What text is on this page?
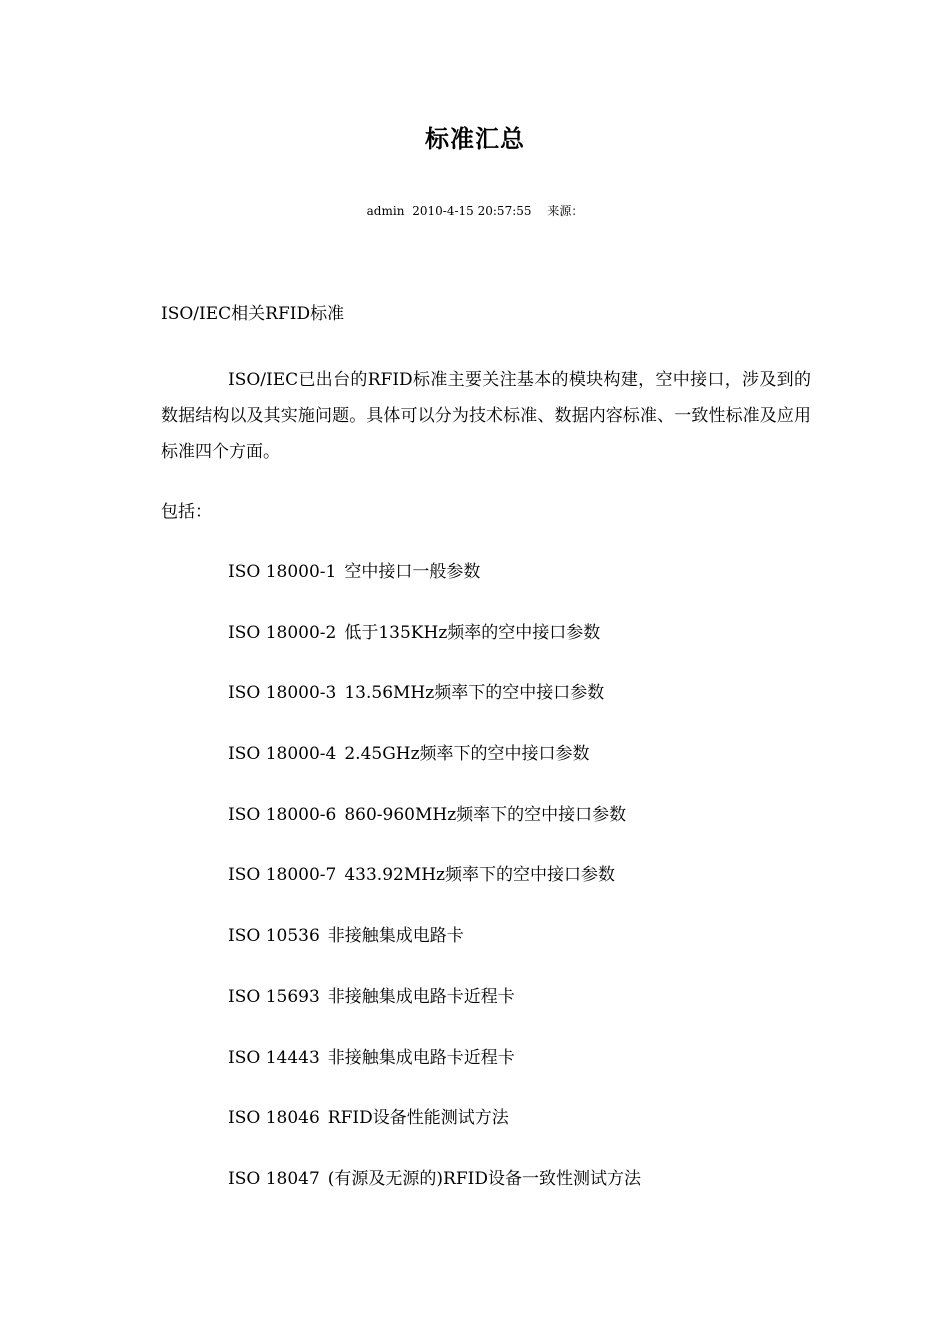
标准汇总
admin 2010-4-15 20:57:55 来源：
ISO/IEC相关RFID标准

ISO/IEC已出台的RFID标准主要关注基本的模块构建，空中接口，涉及到的数据结构以及其实施问题。具体可以分为技术标准、数据内容标准、一致性标准及应用标准四个方面。

包括：
ISO 18000-1 空中接口一般参数
ISO 18000-2 低于135KHz频率的空中接口参数
ISO 18000-3 13.56MHz频率下的空中接口参数
ISO 18000-4 2.45GHz频率下的空中接口参数
ISO 18000-6 860-960MHz频率下的空中接口参数
ISO 18000-7 433.92MHz频率下的空中接口参数
ISO 10536 非接触集成电路卡
ISO 15693 非接触集成电路卡近程卡
ISO 14443 非接触集成电路卡近程卡
ISO 18046 RFID设备性能测试方法
ISO 18047 (有源及无源的)RFID设备一致性测试方法
